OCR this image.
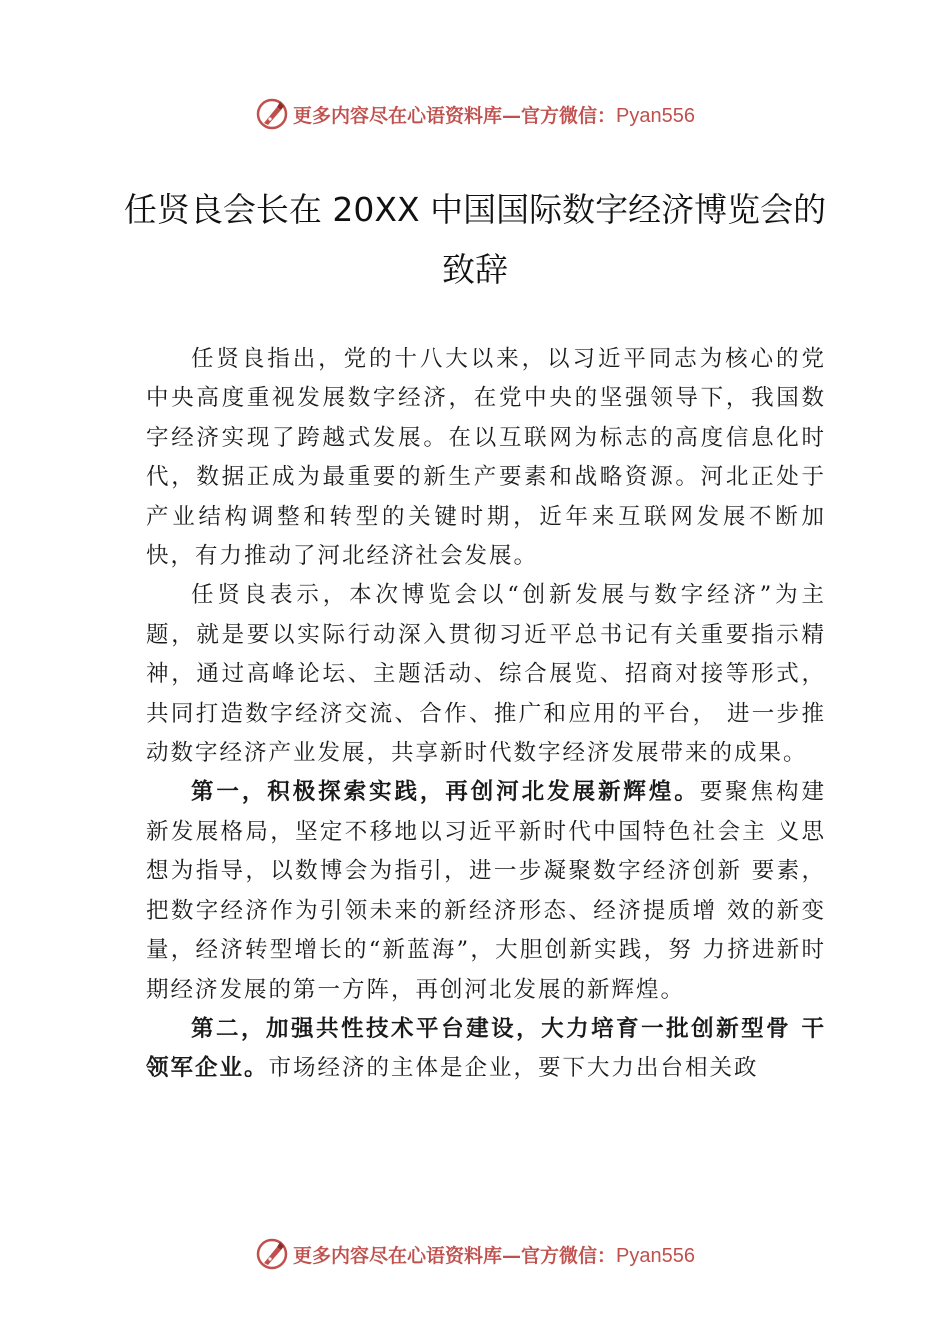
更多内容尽在心语资料库—官方微信：Pyan556
任贤良会长在 20XX 中国国际数字经济博览会的致辞

任贤良指出，党的十八大以来，以习近平同志为核心的党中央高度重视发展数字经济，在党中央的坚强领导下，我国数字经济实现了跨越式发展。在以互联网为标志的高度信息化时代，数据正成为最重要的新生产要素和战略资源。河北正处于产业结构调整和转型的关键时期，近年来互联网发展不断加快，有力推动了河北经济社会发展。

任贤良表示，本次博览会以“创新发展与数字经济”为主题，就是要以实际行动深入贯彻习近平总书记有关重要指示精神，通过高峰论坛、主题活动、综合展览、招商对接等形式，共同打造数字经济交流、合作、推广和应用的平台， 进一步推动数字经济产业发展，共享新时代数字经济发展带来的成果。

第一，积极探索实践，再创河北发展新辉煌。要聚焦构建新发展格局，坚定不移地以习近平新时代中国特色社会主 义思想为指导，以数博会为指引，进一步凝聚数字经济创新 要素，把数字经济作为引领未来的新经济形态、经济提质增 效的新变量，经济转型增长的“新蓝海”，大胆创新实践，努 力挤进新时期经济发展的第一方阵，再创河北发展的新辉煌。

第二，加强共性技术平台建设，大力培育一批创新型骨 干领军企业。市场经济的主体是企业，要下大力出台相关政

更多内容尽在心语资料库—官方微信：Pyan556
